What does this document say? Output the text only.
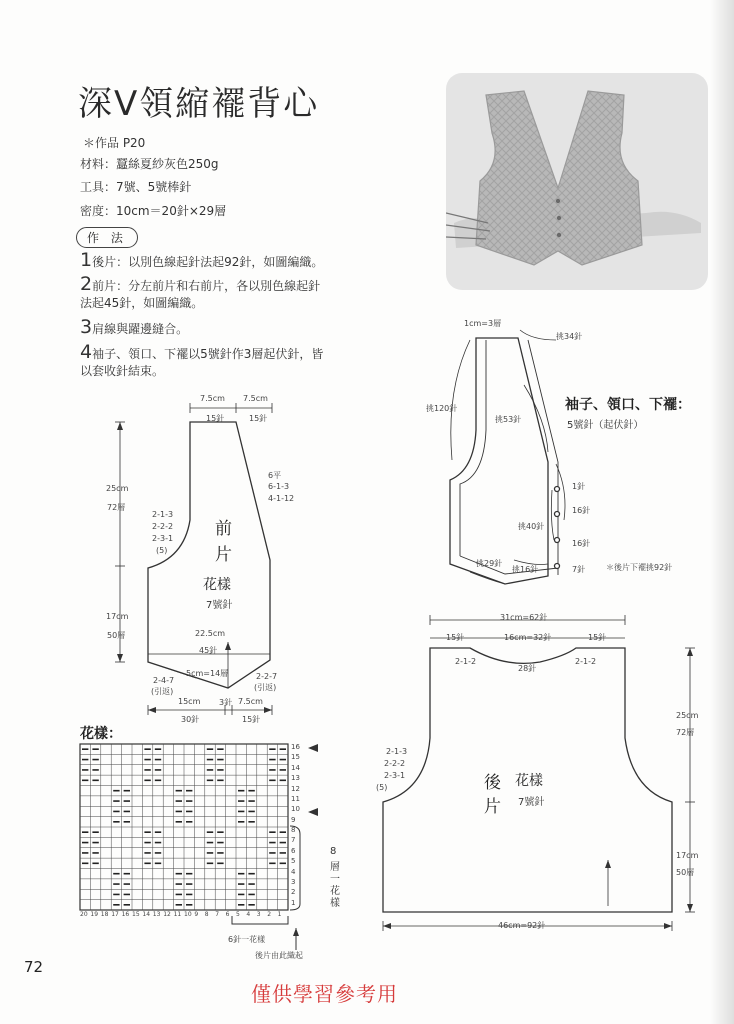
深V領縮襬背心
＊作品 P20
材料：蠶絲夏紗灰色250g
工具：7號、5號棒針
密度：10cm＝20針×29層
作 法
1後片：以別色線起針法起92針，如圖編織。
2前片：分左前片和右前片，各以別色線起針
法起45針，如圖編織。
3肩線與躍邊縫合。
4袖子、領口、下襬以5號針作3層起伏針，皆
以套收針結束。
7.5cm
15針
7.5cm
15針
6平
6-1-3
4-1-12
25cm
72層
2-1-3
2-2-2
2-3-1
(5)
前
片
花樣
7號針
17cm
50層	22.5cm
45針
5cm=14層
2-4-7
(引返)
2-2-7
(引返)
15cm
30針
3針 7.5cm
15針
1cm=3層
挑34針
挑120針
挑53針
挑40針
挑29針
挑16針
1針
16針
16針
7針
袖子、領口、下襬：
5號針（起伏針）
＊後片下襬挑92針
31cm=62針
16cm=32針
15針	15針
2-1-2
28針
2-1-2
2-1-3
2-2-2
2-3-1
(5)	後
片
花樣
7號針
25cm
72層
17cm
50層
46cm=92針
花樣：
16
15
14
13
12
11
10
9
8
7
6
5
4
3
2
1
20 19 18 17 16 15 14 13 12 11 10 9 8 7 6 5 4 3 2 1
8
層
一
花
樣
6針一花樣
後片由此織起
72
僅供學習參考用
